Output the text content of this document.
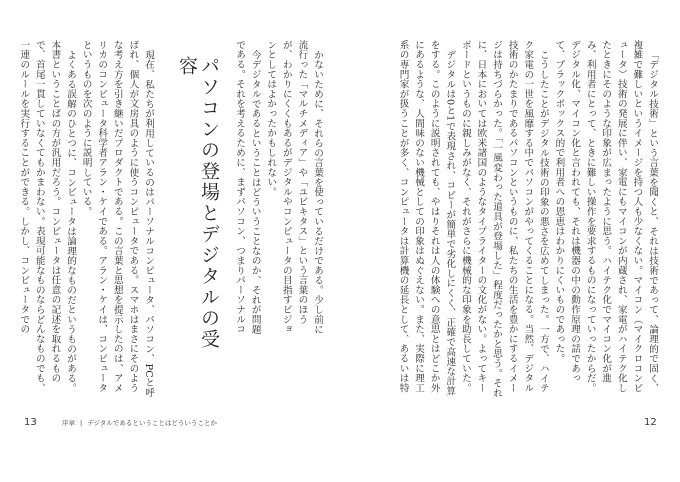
現在、私たちが利用しているのはパーソナルコンピュータ、パソコン、PCと呼ばれ、個人が文房具のように使うコンピュータである。スマホはまさにそのような考え方を引き継いだプロダクトである。この言葉と思想を提示したのは、アメリカのコンピュータ科学者アラン・ケイである。アラン・ケイは、コンピュータというものを次のように説明している。

よくある誤解のひとつに、コンピュータは論理的なものだというものがある。本書ということばの方が汎用だろう。コンピュータは任意の記述を取れるもので、首尾一貫していなくてもかまわない。表現可能なものならどんなものでも、一連のルールを実行することができる。しかし、コンピュータでの	パソコンの登場とデジタルの受容	かないために、それらの言葉を使っているだけである。少し前に流行った「マルチメディア」や「ユビキタス」という言葉のほうが、わかりにくくもあるがデジタルやコンピュータの目指すビジョンとしてはよかったかもしれない。

今デジタルであるということはどういうことなのか、それが問題である。それを考えるために、まずパソコン、つまりパーソナルコ

13	序章 | デジタルであるということはどういうことか

「デジタル技術」という言葉を聞くと、それは技術であって、論理的で固く、複雑で難しいというイメージを持つ人も少なくない。マイコン（マイクロコンピュータ）技術の発展に伴い、家電にもマイコンが内蔵され、家電がハイテク化したときにそのような印象が広まったように思う。ハイテク化でマイコン化が進み、利用者にとって、ときに難しい操作を要求するものになっていったからだ。デジタル化、マイコン化と言われても、それは機器の中の動作原理の話であって、ブラックボックス的で利用者への恩恵はわかりにくいものであった。

こうしたことがデジタル技術の印象の悪さを広めてしまった。一方で、ハイテク家電の一世を風靡する中でパソコンがやってくることになる。当然、デジタル技術のかたまりであるパソコンというものに、私たちの生活を豊かにするイメージは持ちづらかった。「一風変わった道具が登場した」程度だったかと思う。それに、日本においては欧米諸国のようなタイプライターの文化がない。よってキーボードというものに親しみがなく、それがさらに機械的な印象を助長していた。

デジタルは0と1で表現され、コピーが簡単で劣化しにくく、正確で高速な計算をする。このように説明されても、やはりそれは人の体験への意思とはどこか外にあるような、人間味のない機械としての印象はぬぐえない。また、実際に理工系の専門家が扱うことが多く、コンピュータは計算機の延長として、あるいは特

12
